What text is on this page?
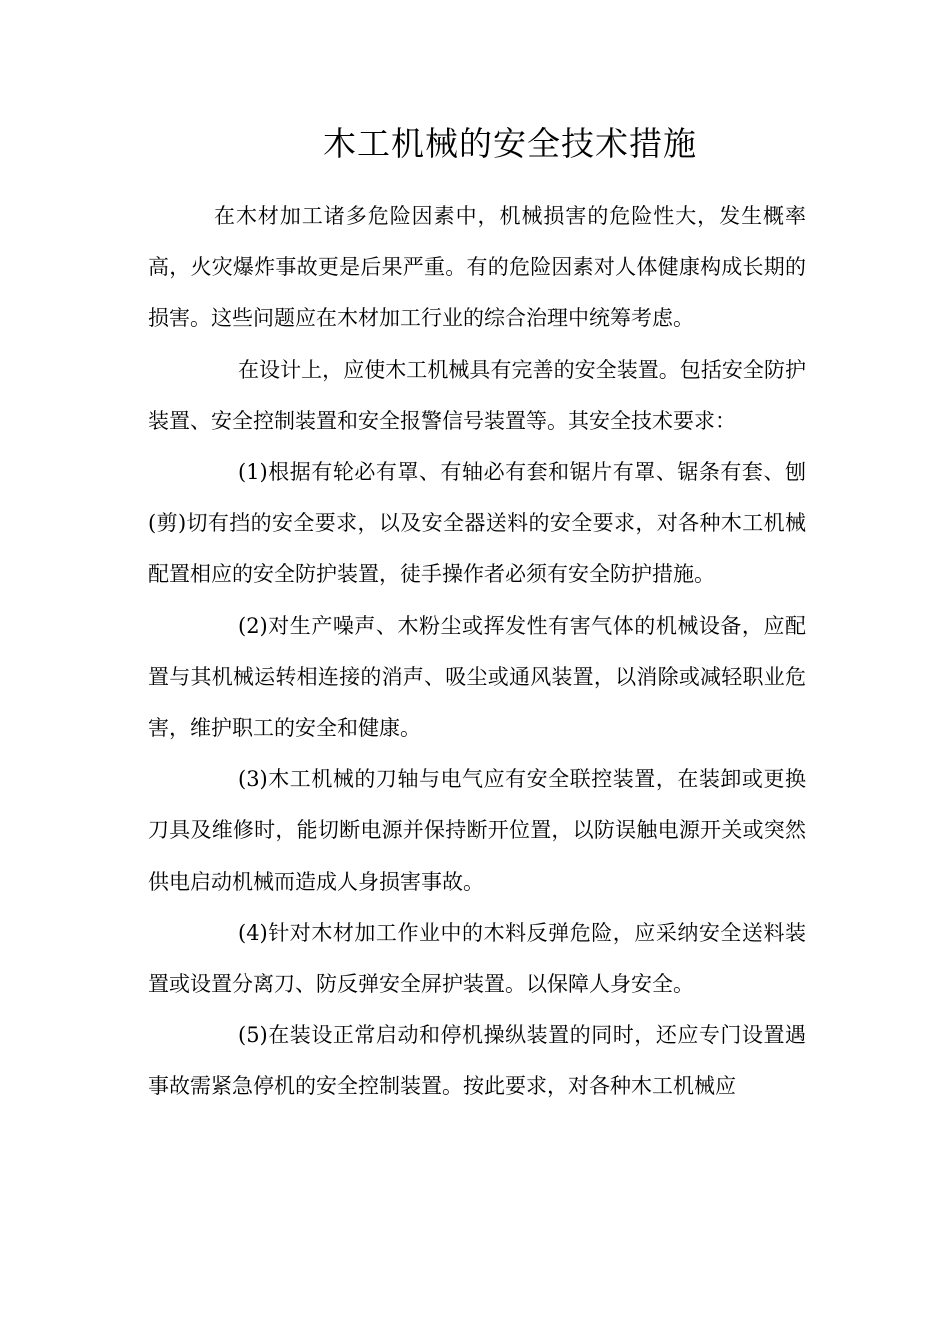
木工机械的安全技术措施

在木材加工诸多危险因素中，机械损害的危险性大，发生概率高，火灾爆炸事故更是后果严重。有的危险因素对人体健康构成长期的损害。这些问题应在木材加工行业的综合治理中统筹考虑。

在设计上，应使木工机械具有完善的安全装置。包括安全防护装置、安全控制装置和安全报警信号装置等。其安全技术要求：

(1)根据有轮必有罩、有轴必有套和锯片有罩、锯条有套、刨(剪)切有挡的安全要求，以及安全器送料的安全要求，对各种木工机械配置相应的安全防护装置，徒手操作者必须有安全防护措施。

(2)对生产噪声、木粉尘或挥发性有害气体的机械设备，应配置与其机械运转相连接的消声、吸尘或通风装置，以消除或减轻职业危害，维护职工的安全和健康。

(3)木工机械的刀轴与电气应有安全联控装置，在装卸或更换刀具及维修时，能切断电源并保持断开位置，以防误触电源开关或突然供电启动机械而造成人身损害事故。

(4)针对木材加工作业中的木料反弹危险，应采纳安全送料装置或设置分离刀、防反弹安全屏护装置。以保障人身安全。

(5)在装设正常启动和停机操纵装置的同时，还应专门设置遇事故需紧急停机的安全控制装置。按此要求，对各种木工机械应
